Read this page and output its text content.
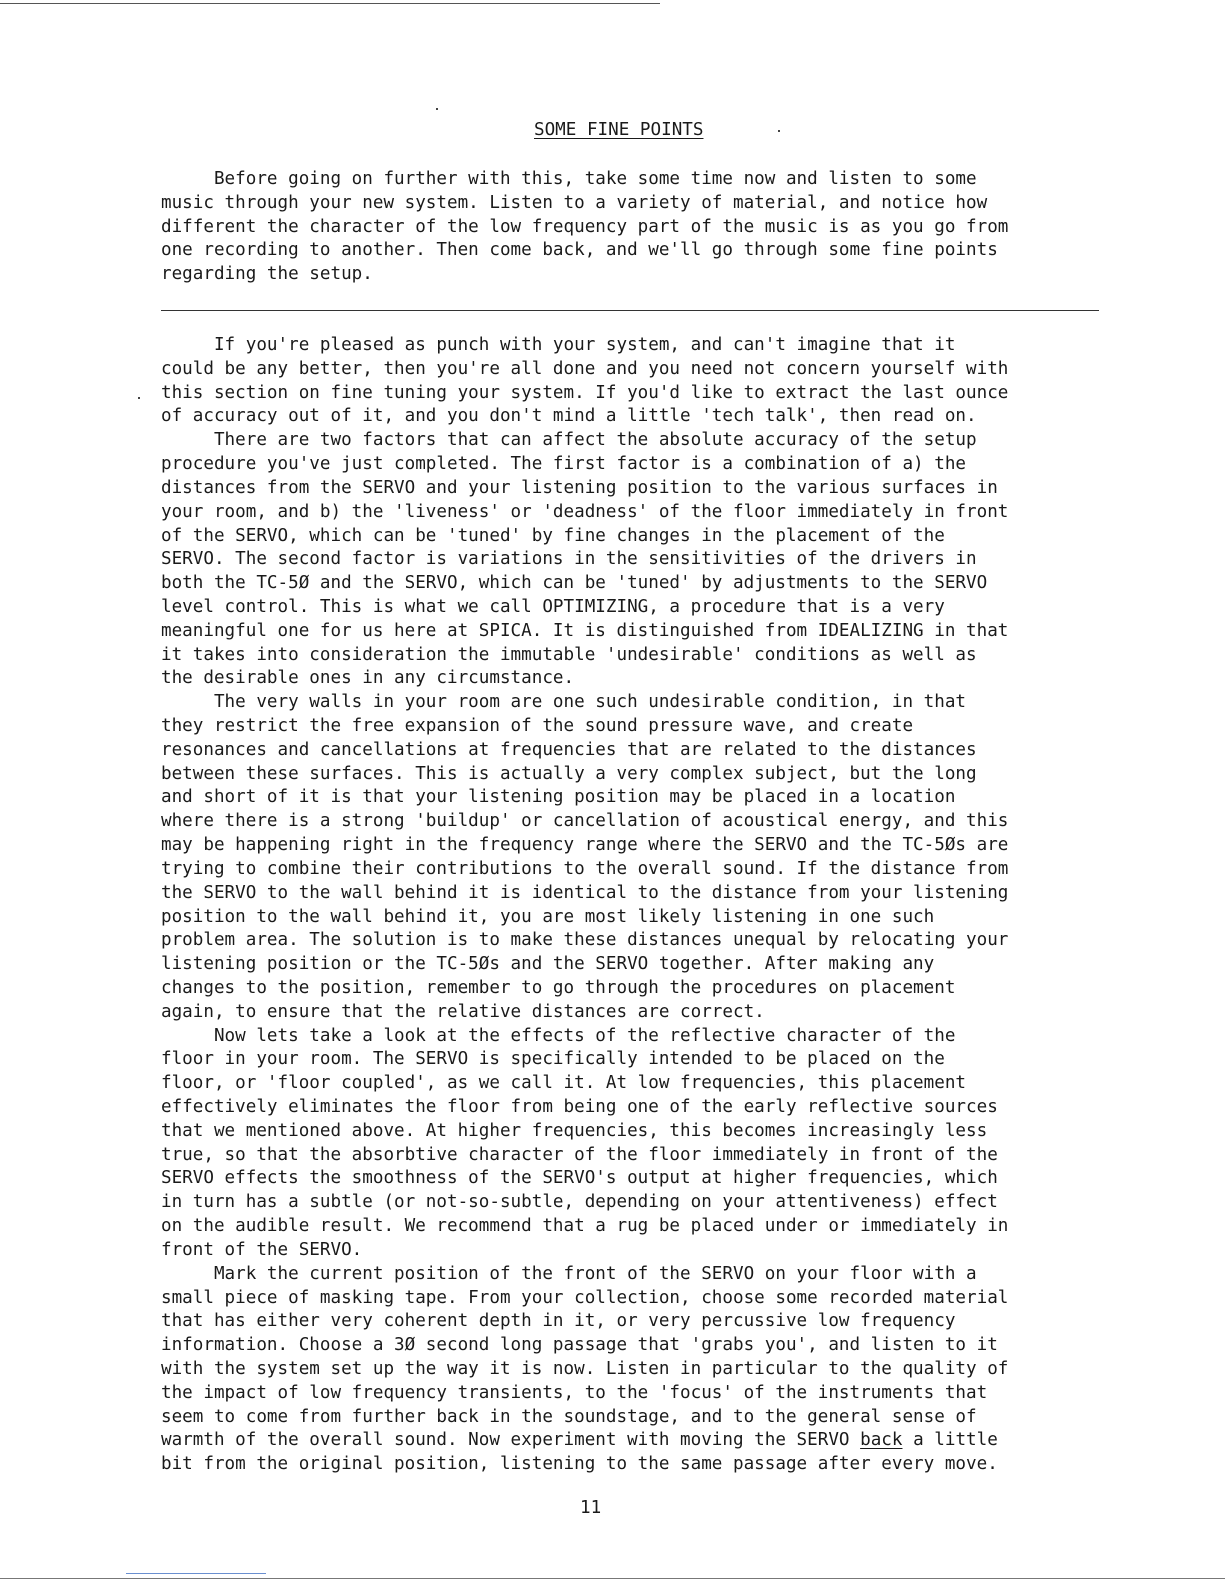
SOME FINE POINTS
Before going on further with this, take some time now and listen to some
music through your new system. Listen to a variety of material, and notice how
different the character of the low frequency part of the music is as you go from
one recording to another. Then come back, and we'll go through some fine points
regarding the setup.
If you're pleased as punch with your system, and can't imagine that it
could be any better, then you're all done and you need not concern yourself with
this section on fine tuning your system. If you'd like to extract the last ounce
of accuracy out of it, and you don't mind a little 'tech talk', then read on.
There are two factors that can affect the absolute accuracy of the setup
procedure you've just completed. The first factor is a combination of a) the
distances from the SERVO and your listening position to the various surfaces in
your room, and b) the 'liveness' or 'deadness' of the floor immediately in front
of the SERVO, which can be 'tuned' by fine changes in the placement of the
SERVO. The second factor is variations in the sensitivities of the drivers in
both the TC-5Ø and the SERVO, which can be 'tuned' by adjustments to the SERVO
level control. This is what we call OPTIMIZING, a procedure that is a very
meaningful one for us here at SPICA. It is distinguished from IDEALIZING in that
it takes into consideration the immutable 'undesirable' conditions as well as
the desirable ones in any circumstance.
The very walls in your room are one such undesirable condition, in that
they restrict the free expansion of the sound pressure wave, and create
resonances and cancellations at frequencies that are related to the distances
between these surfaces. This is actually a very complex subject, but the long
and short of it is that your listening position may be placed in a location
where there is a strong 'buildup' or cancellation of acoustical energy, and this
may be happening right in the frequency range where the SERVO and the TC-5Øs are
trying to combine their contributions to the overall sound. If the distance from
the SERVO to the wall behind it is identical to the distance from your listening
position to the wall behind it, you are most likely listening in one such
problem area. The solution is to make these distances unequal by relocating your
listening position or the TC-5Øs and the SERVO together. After making any
changes to the position, remember to go through the procedures on placement
again, to ensure that the relative distances are correct.
Now lets take a look at the effects of the reflective character of the
floor in your room. The SERVO is specifically intended to be placed on the
floor, or 'floor coupled', as we call it. At low frequencies, this placement
effectively eliminates the floor from being one of the early reflective sources
that we mentioned above. At higher frequencies, this becomes increasingly less
true, so that the absorbtive character of the floor immediately in front of the
SERVO effects the smoothness of the SERVO's output at higher frequencies, which
in turn has a subtle (or not-so-subtle, depending on your attentiveness) effect
on the audible result. We recommend that a rug be placed under or immediately in
front of the SERVO.
Mark the current position of the front of the SERVO on your floor with a
small piece of masking tape. From your collection, choose some recorded material
that has either very coherent depth in it, or very percussive low frequency
information. Choose a 3Ø second long passage that 'grabs you', and listen to it
with the system set up the way it is now. Listen in particular to the quality of
the impact of low frequency transients, to the 'focus' of the instruments that
seem to come from further back in the soundstage, and to the general sense of
warmth of the overall sound. Now experiment with moving the SERVO back a little
bit from the original position, listening to the same passage after every move.
11
